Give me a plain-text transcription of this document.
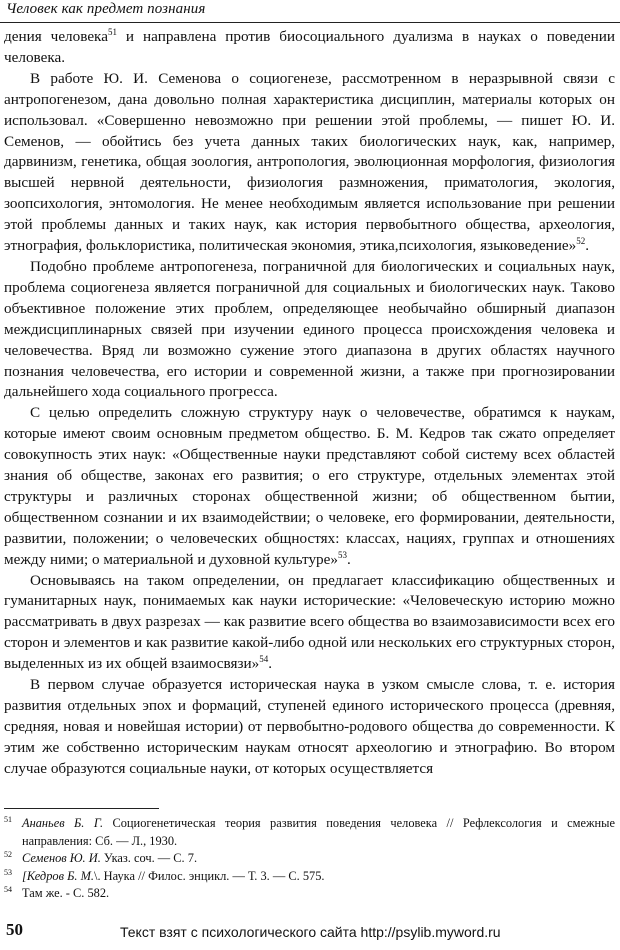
Человек как предмет познания

дения человека$^{51}$ и направлена против биосоциального дуализма в науках о поведении человека.

В работе Ю. И. Семенова о социогенезе, рассмотренном в неразрывной связи с антропогенезом, дана довольно полная характеристика дисциплин, материалы которых он использовал. «Совершенно невозможно при решении этой проблемы, — пишет Ю. И. Семенов, — обойтись без учета данных таких биологических наук, как, например, дарвинизм, генетика, общая зоология, антропология, эволюционная морфология, физиология высшей нервной деятельности, физиология размножения, приматология, экология, зоопсихология, энтомология. Не менее необходимым является использование при решении этой проблемы данных и таких наук, как история первобытного общества, археология, этнография, фольклористика, политическая экономия, этика,психология, языковедение»$^{52}$.

Подобно проблеме антропогенеза, пограничной для биологических и социальных наук, проблема социогенеза является пограничной для социальных и биологических наук. Таково объективное положение этих проблем, определяющее необычайно обширный диапазон междисциплинарных связей при изучении единого процесса происхождения человека и человечества. Вряд ли возможно сужение этого диапазона в других областях научного познания человечества, его истории и современной жизни, а также при прогнозировании дальнейшего хода социального прогресса.

С целью определить сложную структуру наук о человечестве, обратимся к наукам, которые имеют своим основным предметом общество. Б. М. Кедров так сжато определяет совокупность этих наук: «Общественные науки представляют собой систему всех областей знания об обществе, законах его развития; о его структуре, отдельных элементах этой структуры и различных сторонах общественной жизни; об общественном бытии, общественном сознании и их взаимодействии; о человеке, его формировании, деятельности, развитии, положении; о человеческих общностях: классах, нациях, группах и отношениях между ними; о материальной и духовной культуре»$^{53}$.

Основываясь на таком определении, он предлагает классификацию общественных и гуманитарных наук, понимаемых как науки исторические: «Человеческую историю можно рассматривать в двух разрезах — как развитие всего общества во взаимозависимости всех его сторон и элементов и как развитие какой-либо одной или нескольких его структурных сторон, выделенных из их общей взаимосвязи»$^{54}$.

В первом случае образуется историческая наука в узком смысле слова, т. е. история развития отдельных эпох и формаций, ступеней единого исторического процесса (древняя, средняя, новая и новейшая истории) от первобытно-родового общества до современности. К этим же собственно историческим наукам относят археологию и этнографию. Во втором случае образуются социальные науки, от которых осуществляется

$^{51}$ Ананьев Б. Г. Социогенетическая теория развития поведения человека // Рефлексология и смежные направления: Сб. — Л., 1930.
$^{52}$ Семенов Ю. И. Указ. соч. — С. 7.
$^{53}$ [Кедров Б. М.\. Наука // Филос. энцикл. — Т. 3. — С. 575.
$^{54}$ Там же. - С. 582.
50	Текст взят с психологического сайта http://psylib.myword.ru
